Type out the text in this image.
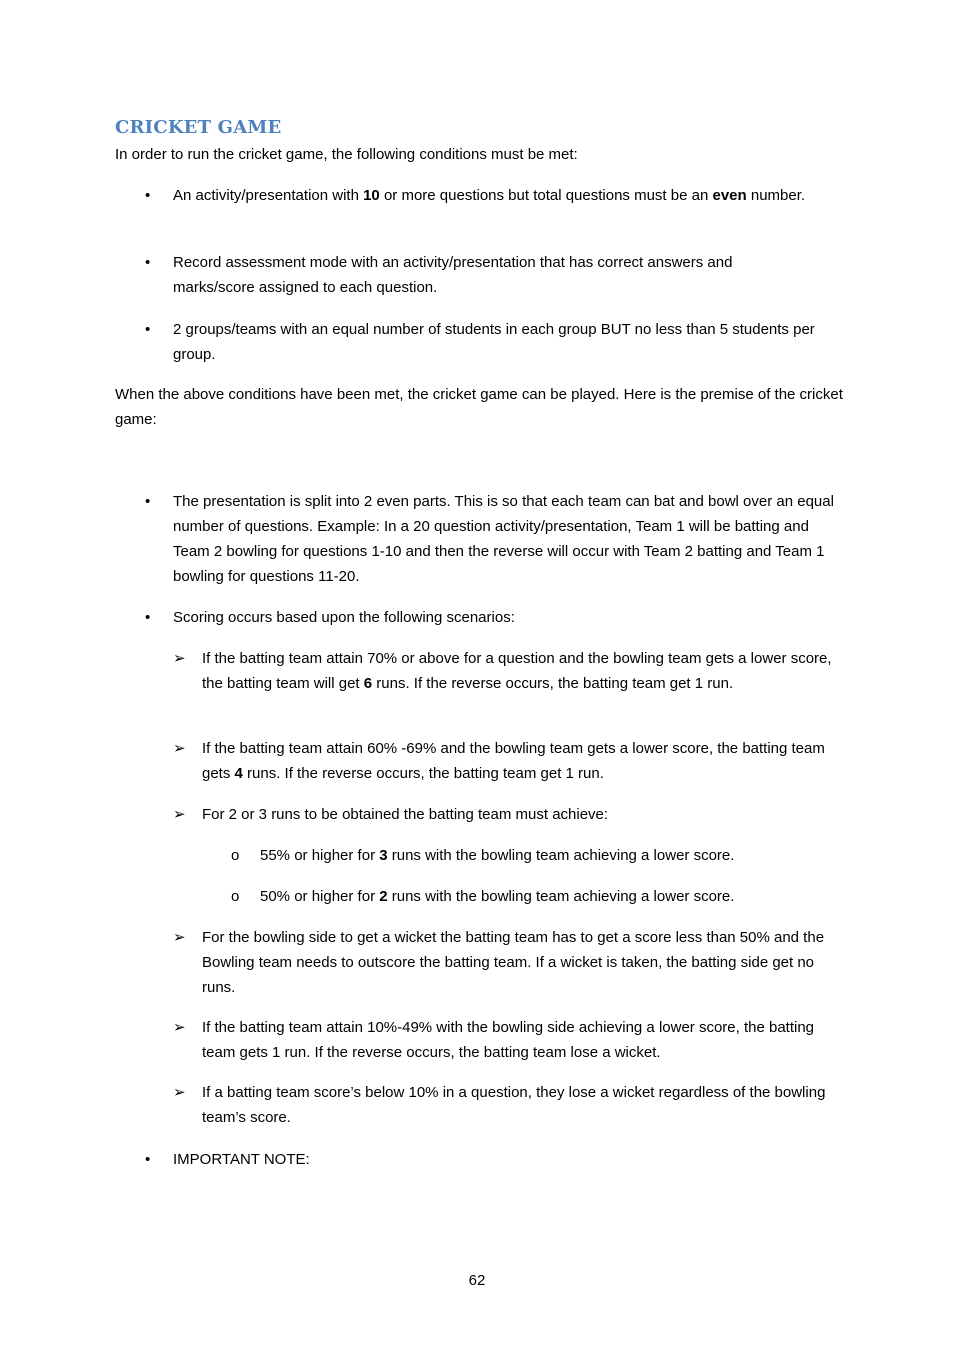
CRICKET GAME

In order to run the cricket game, the following conditions must be met:

• An activity/presentation with 10 or more questions but total questions must be an even number.

• Record assessment mode with an activity/presentation that has correct answers and marks/score assigned to each question.

• 2 groups/teams with an equal number of students in each group BUT no less than 5 students per group.

When the above conditions have been met, the cricket game can be played. Here is the premise of the cricket game:

• The presentation is split into 2 even parts. This is so that each team can bat and bowl over an equal number of questions. Example: In a 20 question activity/presentation, Team 1 will be batting and Team 2 bowling for questions 1-10 and then the reverse will occur with Team 2 batting and Team 1 bowling for questions 11-20.

• Scoring occurs based upon the following scenarios:

➢ If the batting team attain 70% or above for a question and the bowling team gets a lower score, the batting team will get 6 runs. If the reverse occurs, the batting team get 1 run.

➢ If the batting team attain 60% -69% and the bowling team gets a lower score, the batting team gets 4 runs. If the reverse occurs, the batting team get 1 run.

➢ For 2 or 3 runs to be obtained the batting team must achieve:

o 55% or higher for 3 runs with the bowling team achieving a lower score.

o 50% or higher for 2 runs with the bowling team achieving a lower score.

➢ For the bowling side to get a wicket the batting team has to get a score less than 50% and the Bowling team needs to outscore the batting team. If a wicket is taken, the batting side get no runs.

➢ If the batting team attain 10%-49% with the bowling side achieving a lower score, the batting team gets 1 run. If the reverse occurs, the batting team lose a wicket.

➢ If a batting team score’s below 10% in a question, they lose a wicket regardless of the bowling team’s score.

• IMPORTANT NOTE:

62
